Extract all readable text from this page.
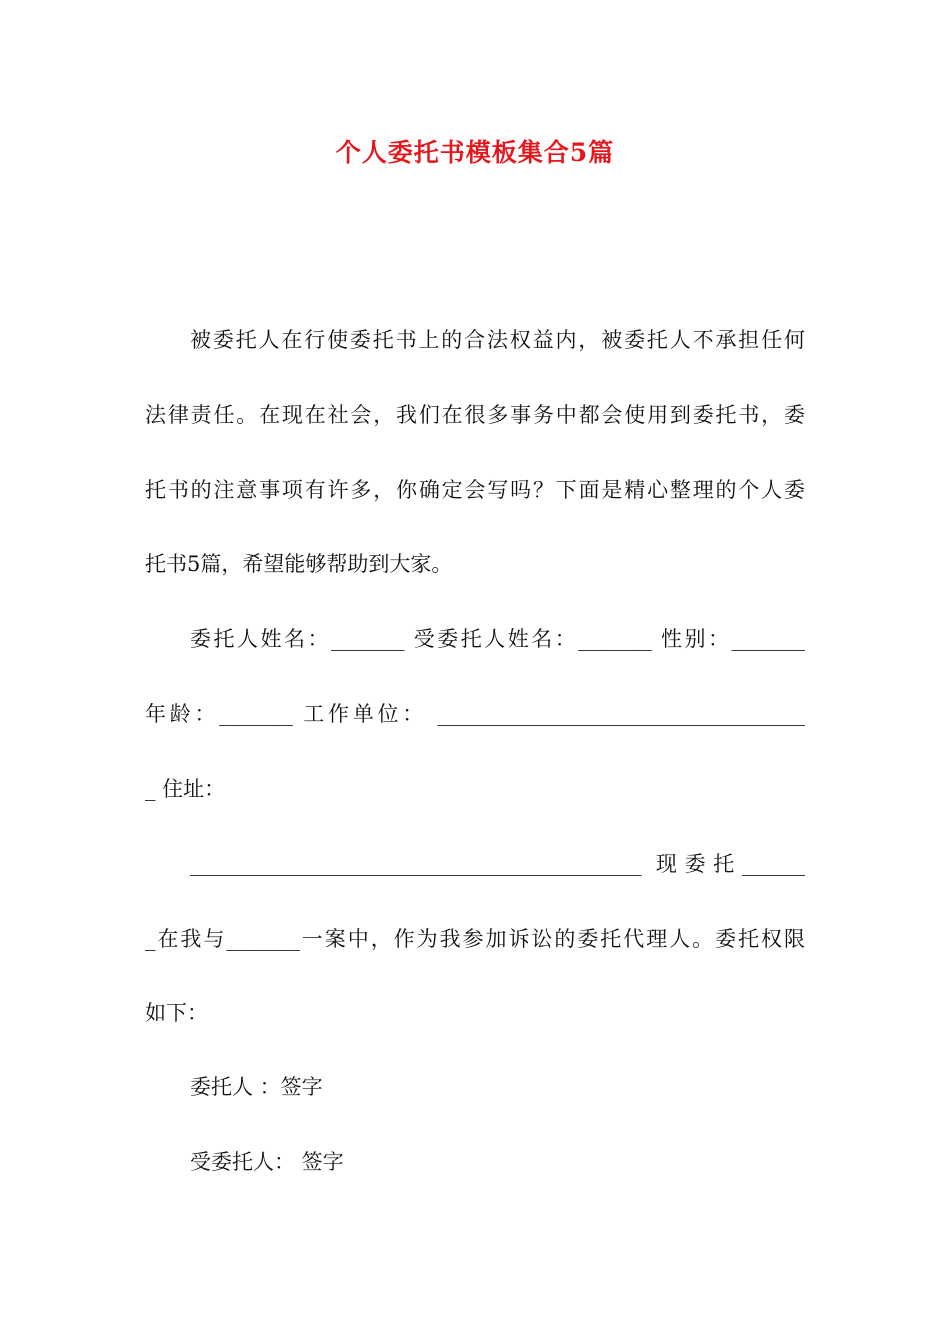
个人委托书模板集合5篇
被委托人在行使委托书上的合法权益内，被委托人不承担任何
法律责任。在现在社会，我们在很多事务中都会使用到委托书，委
托书的注意事项有许多，你确定会写吗？下面是精心整理的个人委
托书5篇，希望能够帮助到大家。
委托人姓名：_______ 受委托人姓名：_______ 性别：_______
年龄：_______ 工作单位： ___________________________________
_ 住址：
___________________________________________ 现委托______
_在我与_______一案中，作为我参加诉讼的委托代理人。委托权限
如下：
委托人 ：签字
受委托人： 签字
